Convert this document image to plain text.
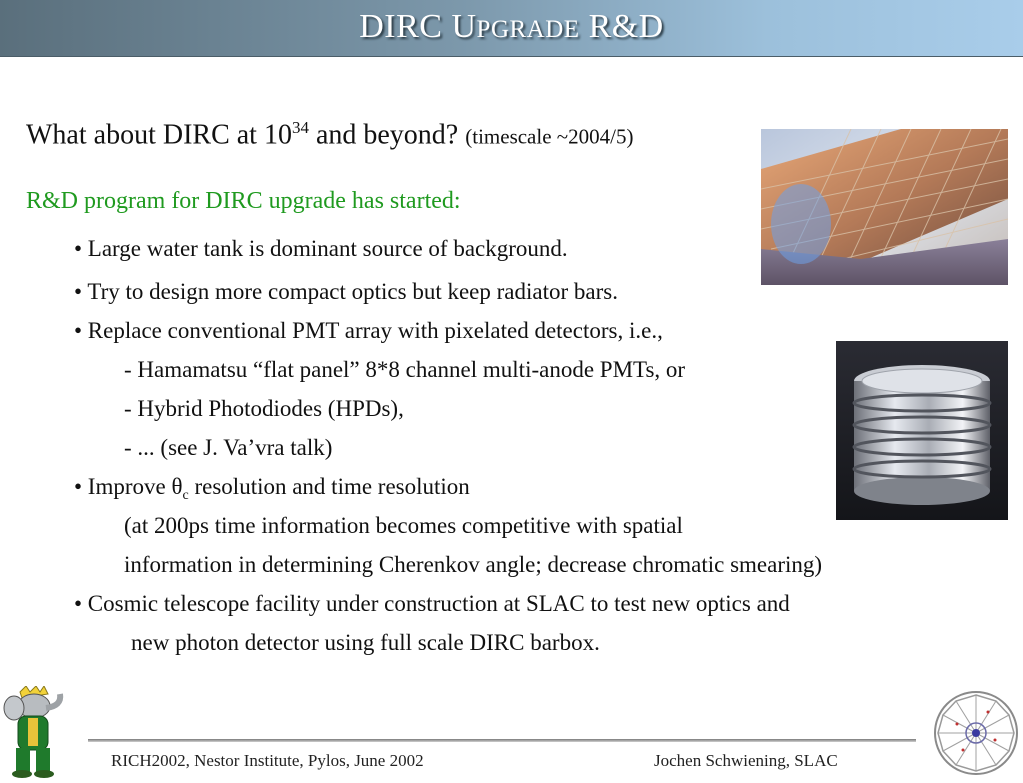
DIRC UPGRADE R&D
What about DIRC at $10^{34}$ and beyond? (timescale ~2004/5)
R&D program for DIRC upgrade has started:
• Large water tank is dominant source of background.
• Try to design more compact optics but keep radiator bars.
• Replace conventional PMT array with pixelated detectors, i.e.,
- Hamamatsu “flat panel” 8*8 channel multi-anode PMTs, or
- Hybrid Photodiodes (HPDs),
- ... (see J. Va’vra talk)
• Improve $\theta_c$ resolution and time resolution
(at 200ps time information becomes competitive with spatial
information in determining Cherenkov angle; decrease chromatic smearing)
• Cosmic telescope facility under construction at SLAC to test new optics and
new photon detector using full scale DIRC barbox.
RICH2002, Nestor Institute, Pylos, June 2002	Jochen Schwiening, SLAC
